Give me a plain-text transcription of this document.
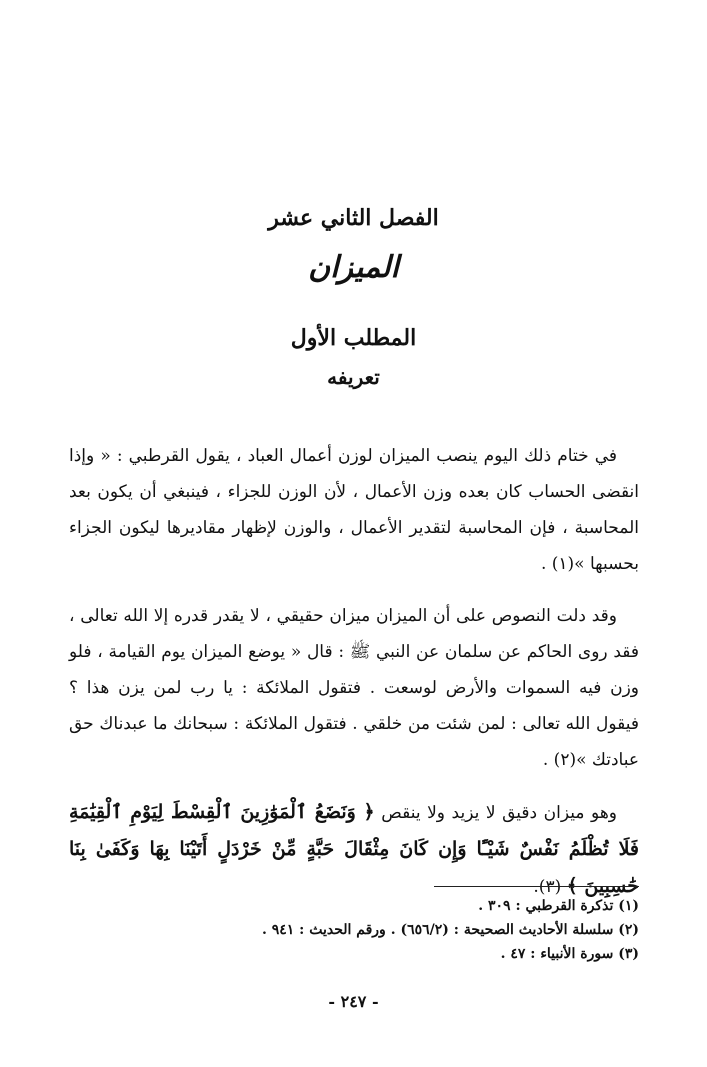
الفصل الثاني عشر
الميزان
المطلب الأول
تعريفه

في ختام ذلك اليوم ينصب الميزان لوزن أعمال العباد ، يقول القرطبي : « وإذا انقضى الحساب كان بعده وزن الأعمال ، لأن الوزن للجزاء ، فينبغي أن يكون بعد المحاسبة ، فإن المحاسبة لتقدير الأعمال ، والوزن لإظهار مقاديرها ليكون الجزاء بحسبها »(١) .

وقد دلت النصوص على أن الميزان ميزان حقيقي ، لا يقدر قدره إلا الله تعالى ، فقد روى الحاكم عن سلمان عن النبي ﷺ : قال « يوضع الميزان يوم القيامة ، فلو وزن فيه السموات والأرض لوسعت . فتقول الملائكة : يا رب لمن يزن هذا ؟ فيقول الله تعالى : لمن شئت من خلقي . فتقول الملائكة : سبحانك ما عبدناك حق عبادتك »(٢) .

وهو ميزان دقيق لا يزيد ولا ينقص ﴿ وَنَضَعُ ٱلْمَوَٰزِينَ ٱلْقِسْطَ لِيَوْمِ ٱلْقِيَٰمَةِ فَلَا تُظْلَمُ نَفْسٌ شَيْـًٔا وَإِن كَانَ مِثْقَالَ حَبَّةٍ مِّنْ خَرْدَلٍ أَتَيْنَا بِهَا وَكَفَىٰ بِنَا حَٰسِبِينَ ﴾ (٣).

(١) تذكرة القرطبي : ٣٠٩ .
(٢) سلسلة الأحاديث الصحيحة : (٦٥٦/٢) . ورقم الحديث : ٩٤١ .
(٣) سورة الأنبياء : ٤٧ .
- ٢٤٧ -
